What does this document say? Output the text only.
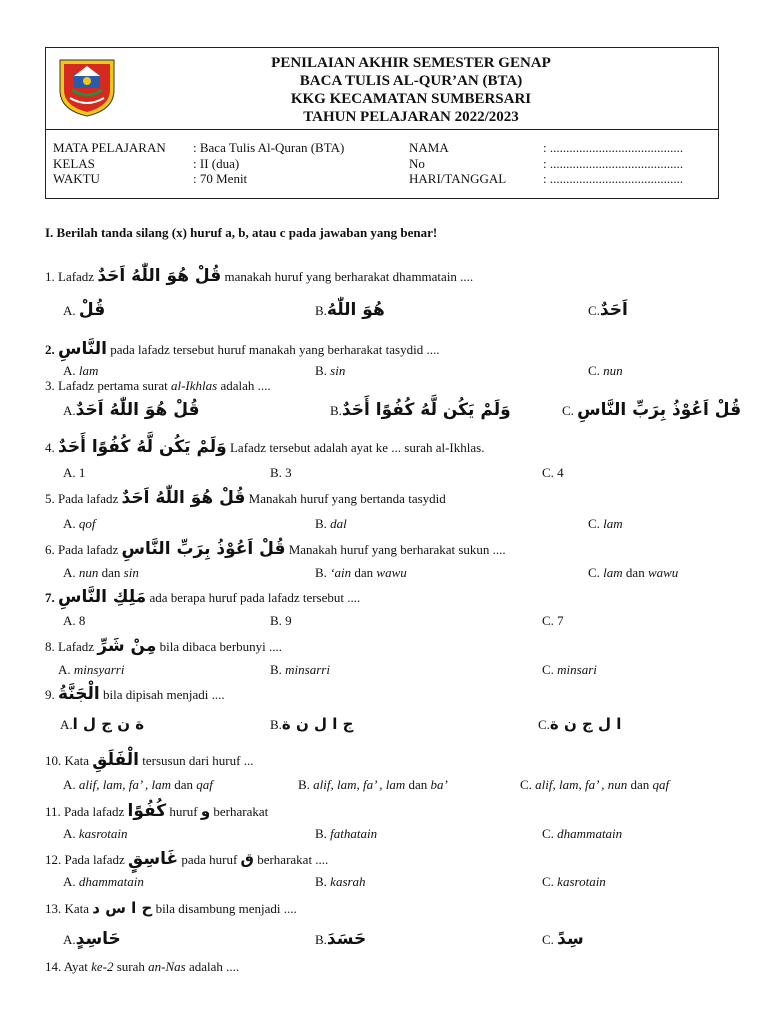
PENILAIAN AKHIR SEMESTER GENAP
BACA TULIS AL-QUR’AN (BTA)
KKG KECAMATAN SUMBERSARI
TAHUN PELAJARAN 2022/2023
MATA PELAJARAN : Baca Tulis Al-Quran (BTA)	NAMA	: .........................................
KELAS	: II (dua)	No	: .........................................
WAKTU	: 70 Menit	HARI/TANGGAL	: .........................................
I. Berilah tanda silang (x) huruf a, b, atau c pada jawaban yang benar!
1. Lafadz قُلْ هُوَ اللّٰهُ اَحَدٌ manakah huruf yang berharakat dhammatain ....
A. قُلْ	B.هُوَ اللّٰهُ	C.اَحَدٌ
2. النَّاسِ pada lafadz tersebut huruf manakah yang berharakat tasydid ....
A. lam	B. sin	C. nun
3. Lafadz pertama surat al-Ikhlas adalah ....
A.قُلْ هُوَ اللّٰهُ اَحَدٌ	B.وَلَمْ يَكُن لَّهُ كُفُوًا أَحَدٌ	C. قُلْ اَعُوْذُ بِرَبِّ النَّاسِ
4. وَلَمْ يَكُن لَّهُ كُفُوًا أَحَدٌ Lafadz tersebut adalah ayat ke ... surah al-Ikhlas.
A. 1	B. 3	C. 4
5. Pada lafadz قُلْ هُوَ اللّٰهُ اَحَدٌ Manakah huruf yang bertanda tasydid
A. qof	B. dal	C. lam
6. Pada lafadz قُلْ اَعُوْذُ بِرَبِّ النَّاسِ Manakah huruf yang berharakat sukun ....
A. nun dan sin	B. ‘ain dan wawu	C. lam dan wawu
7. مَلِكِ النَّاسِ ada berapa huruf pada lafadz tersebut ....
A. 8	B. 9	C. 7
8. Lafadz مِنْ شَرِّ bila dibaca berbunyi ....
A. minsyarri	B. minsarri	C. minsari
9. الْجَنَّةُ bila dipisah menjadi ....
A.ة ن ج ل ا	B.ج ا ل ن ة	C.ا ل ج ن ة
10. Kata الْفَلَقِ tersusun dari huruf ...
A. alif, lam, fa’ , lam dan qaf	B. alif, lam, fa’ , lam dan ba’	C. alif, lam, fa’ , nun dan qaf
11. Pada lafadz كُفُوًا huruf و berharakat
A. kasrotain	B. fathatain	C. dhammatain
12. Pada lafadz غَاسِقٍ pada huruf ق berharakat ....
A. dhammatain	B. kasrah	C. kasrotain
13. Kata ح ا س د bila disambung menjadi ....
A.حَاسِدٍ	B.حَسَدَ	C. سِدً
14. Ayat ke-2 surah an-Nas adalah ....
